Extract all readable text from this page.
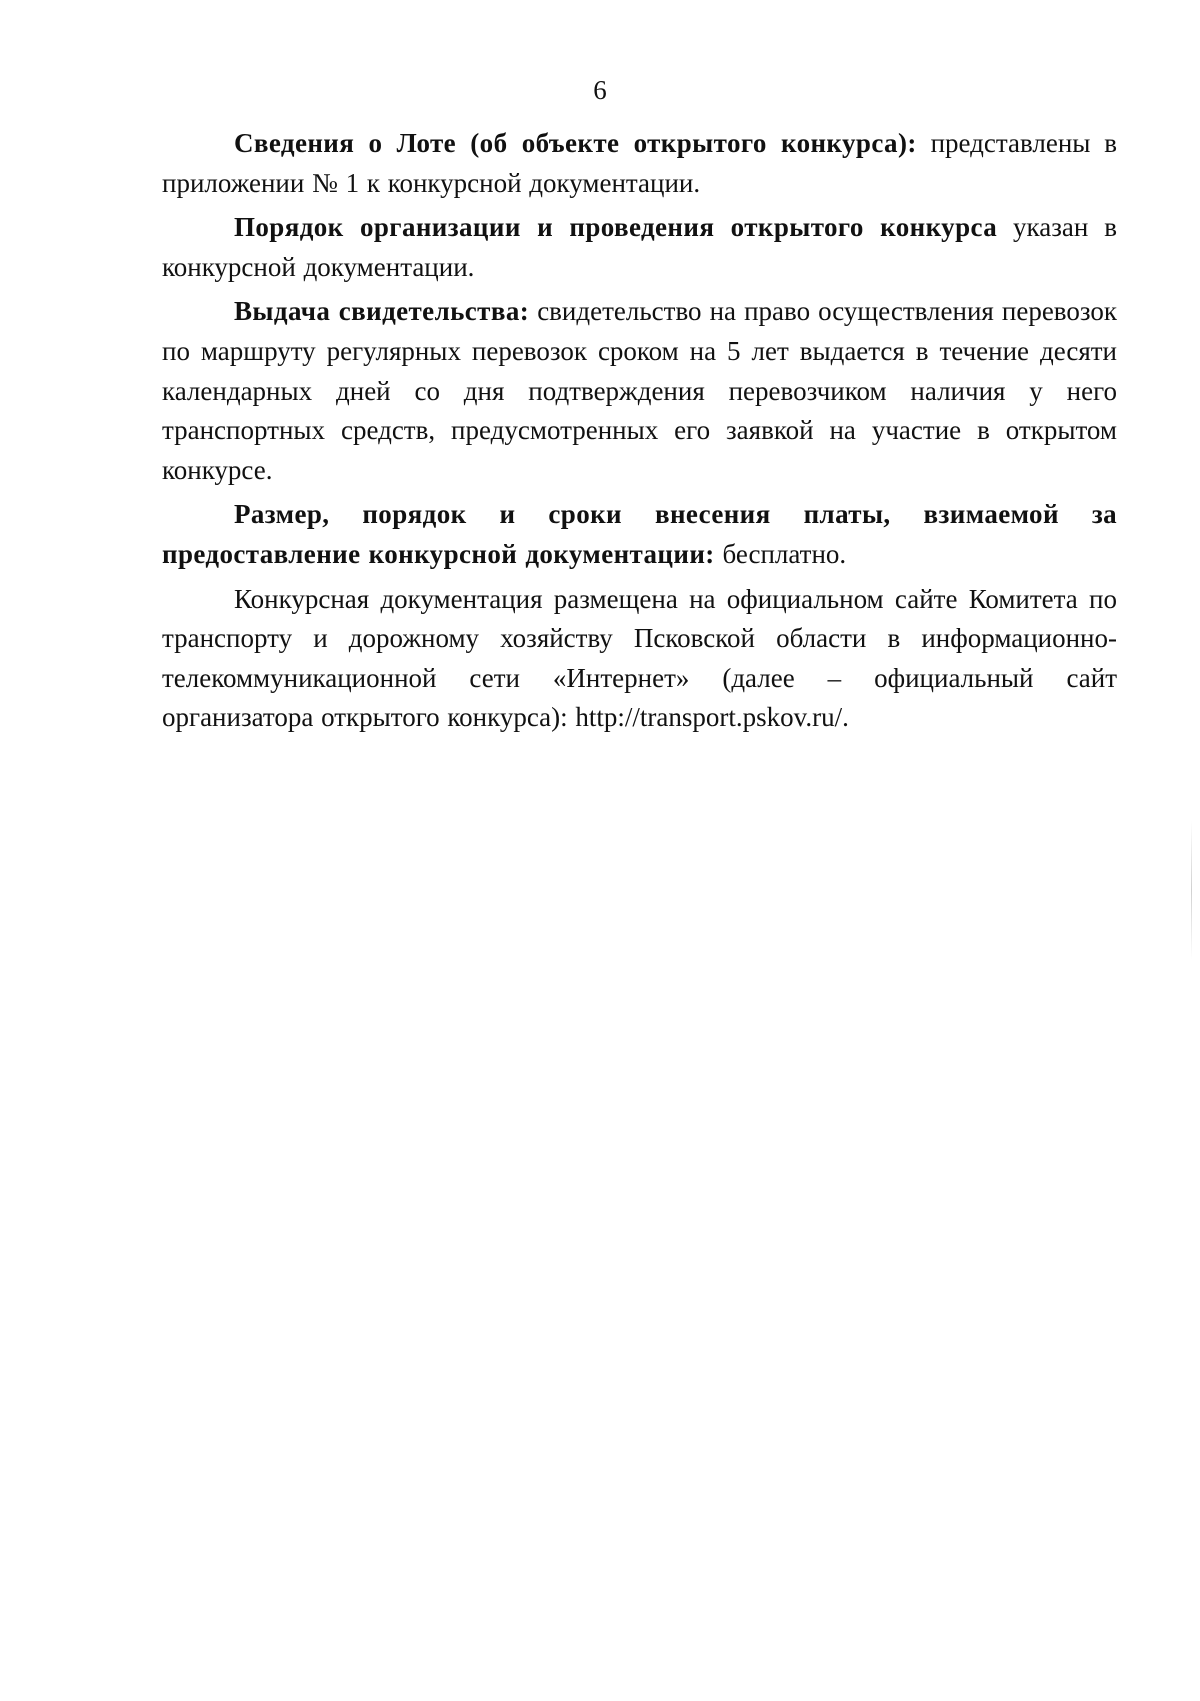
6

Сведения о Лоте (об объекте открытого конкурса): представлены в приложении № 1 к конкурсной документации.

Порядок организации и проведения открытого конкурса указан в конкурсной документации.

Выдача свидетельства: свидетельство на право осуществления перевозок по маршруту регулярных перевозок сроком на 5 лет выдается в течение десяти календарных дней со дня подтверждения перевозчиком наличия у него транспортных средств, предусмотренных его заявкой на участие в открытом конкурсе.

Размер, порядок и сроки внесения платы, взимаемой за предоставление конкурсной документации: бесплатно.

Конкурсная документация размещена на официальном сайте Комитета по транспорту и дорожному хозяйству Псковской области в информационно-телекоммуникационной сети «Интернет» (далее – официальный сайт организатора открытого конкурса): http://transport.pskov.ru/.
